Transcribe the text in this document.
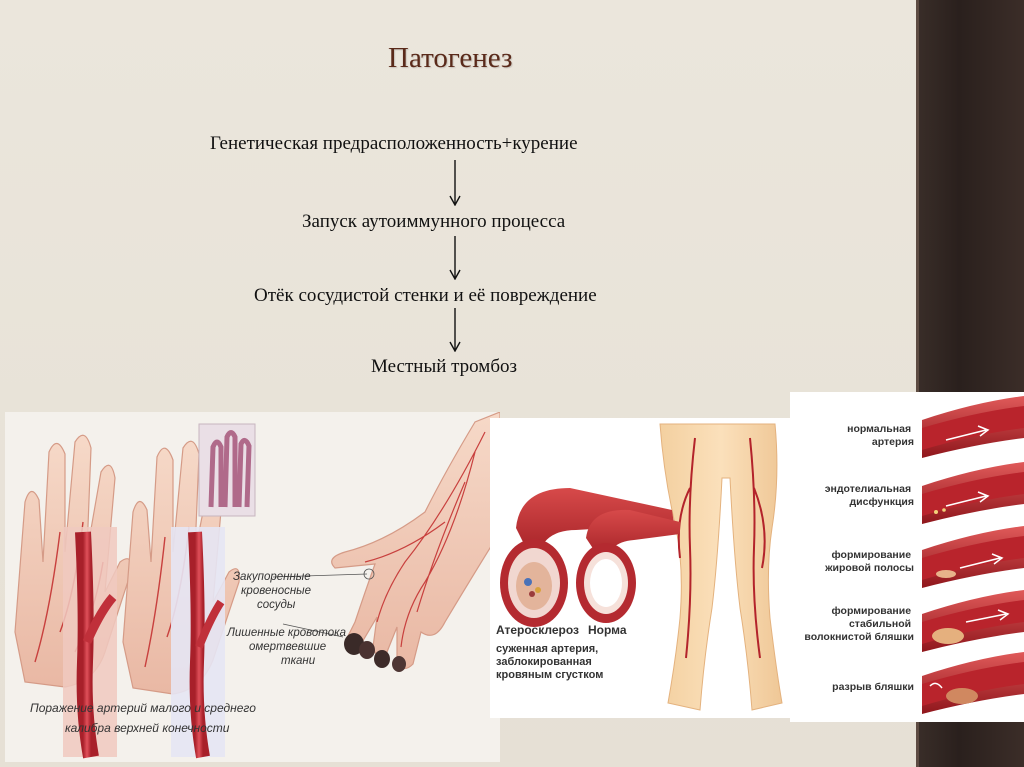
Патогенез
Генетическая предрасположенность+курение
Запуск аутоиммунного процесса
Отёк сосудистой стенки и её повреждение
Местный тромбоз
Закупоренные кровеносные сосуды
Лишенные кровотока омертвевшие ткани
Поражение артерий малого и среднего калибра верхней конечности
Атеросклероз Норма
суженная артерия, заблокированная кровяным сгустком
нормальная артерия
эндотелиальная дисфункция
формирование жировой полосы
формирование стабильной волокнистой бляшки
разрыв бляшки
